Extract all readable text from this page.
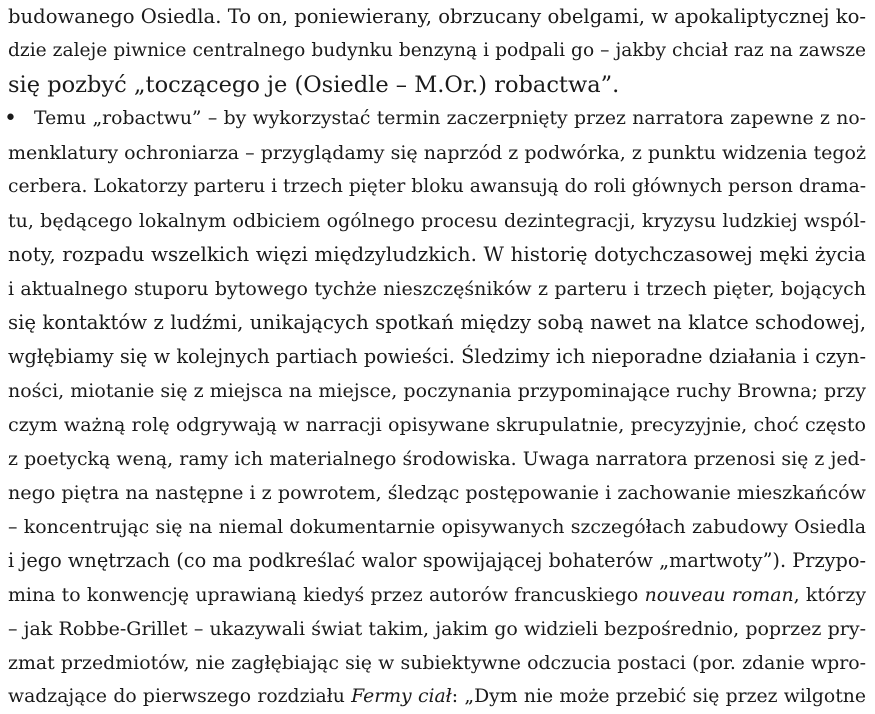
budowanego Osiedla. To on, poniewierany, obrzucany obelgami, w apokaliptycznej ko-
dzie zaleje piwnice centralnego budynku benzyną i podpali go – jakby chciał raz na zawsze
się pozbyć „toczącego je (Osiedle – M.Or.) robactwa”.
• Temu „robactwu” – by wykorzystać termin zaczerpnięty przez narratora zapewne z no-
menklatury ochroniarza – przyglądamy się naprzód z podwórka, z punktu widzenia tegoż
cerbera. Lokatorzy parteru i trzech pięter bloku awansują do roli głównych person drama-
tu, będącego lokalnym odbiciem ogólnego procesu dezintegracji, kryzysu ludzkiej wspól-
noty, rozpadu wszelkich więzi międzyludzkich. W historię dotychczasowej męki życia
i aktualnego stuporu bytowego tychże nieszczęśników z parteru i trzech pięter, bojących
się kontaktów z ludźmi, unikających spotkań między sobą nawet na klatce schodowej,
wgłębiamy się w kolejnych partiach powieści. Śledzimy ich nieporadne działania i czyn-
ności, miotanie się z miejsca na miejsce, poczynania przypominające ruchy Browna; przy
czym ważną rolę odgrywają w narracji opisywane skrupulatnie, precyzyjnie, choć często
z poetycką weną, ramy ich materialnego środowiska. Uwaga narratora przenosi się z jed-
nego piętra na następne i z powrotem, śledząc postępowanie i zachowanie mieszkańców
– koncentrując się na niemal dokumentarnie opisywanych szczegółach zabudowy Osiedla
i jego wnętrzach (co ma podkreślać walor spowijającej bohaterów „martwoty”). Przypo-
mina to konwencję uprawianą kiedyś przez autorów francuskiego nouveau roman, którzy
– jak Robbe-Grillet – ukazywali świat takim, jakim go widzieli bezpośrednio, poprzez pry-
zmat przedmiotów, nie zagłębiając się w subiektywne odczucia postaci (por. zdanie wpro-
wadzające do pierwszego rozdziału Fermy ciał: „Dym nie może przebić się przez wilgotne
